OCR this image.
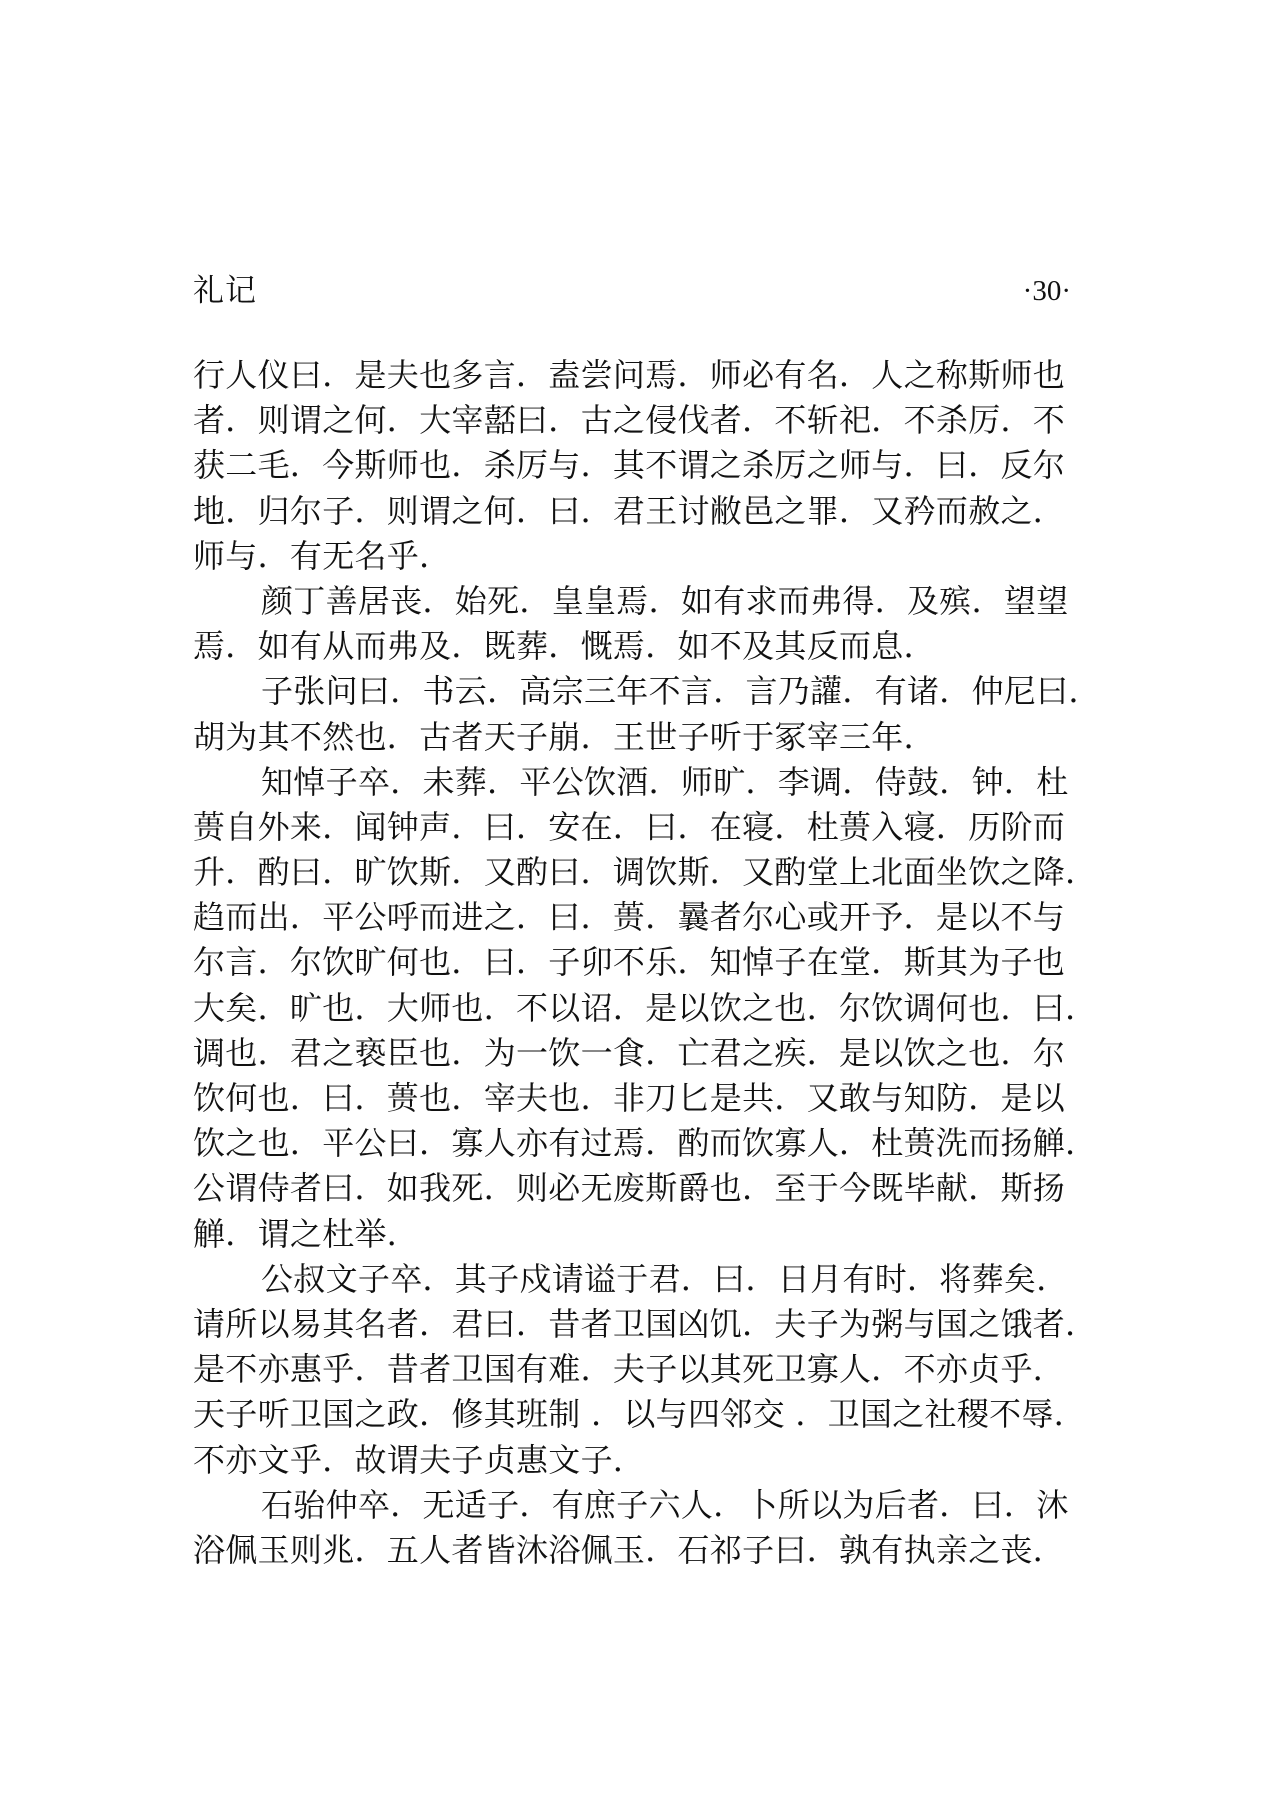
礼记	·30·
行人仪曰．是夫也多言．盍尝问焉．师必有名．人之称斯师也
者．则谓之何．大宰嚭曰．古之侵伐者．不斩祀．不杀厉．不
获二毛．今斯师也．杀厉与．其不谓之杀厉之师与．曰．反尔
地．归尔子．则谓之何．曰．君王讨敝邑之罪．又矜而赦之．
师与．有无名乎．
颜丁善居丧．始死．皇皇焉．如有求而弗得．及殡．望望
焉．如有从而弗及．既葬．慨焉．如不及其反而息．
子张问曰．书云．高宗三年不言．言乃讙．有诸．仲尼曰．
胡为其不然也．古者天子崩．王世子听于冢宰三年．
知悼子卒．未葬．平公饮酒．师旷．李调．侍鼓．钟．杜
蒉自外来．闻钟声．曰．安在．曰．在寝．杜蒉入寝．历阶而
升．酌曰．旷饮斯．又酌曰．调饮斯．又酌堂上北面坐饮之降．
趋而出．平公呼而进之．曰．蒉．曩者尔心或开予．是以不与
尔言．尔饮旷何也．曰．子卯不乐．知悼子在堂．斯其为子也
大矣．旷也．大师也．不以诏．是以饮之也．尔饮调何也．曰．
调也．君之亵臣也．为一饮一食．亡君之疾．是以饮之也．尔
饮何也．曰．蒉也．宰夫也．非刀匕是共．又敢与知防．是以
饮之也．平公曰．寡人亦有过焉．酌而饮寡人．杜蒉洗而扬觯．
公谓侍者曰．如我死．则必无废斯爵也．至于今既毕献．斯扬
觯．谓之杜举．
公叔文子卒．其子戍请谥于君．曰．日月有时．将葬矣．
请所以易其名者．君曰．昔者卫国凶饥．夫子为粥与国之饿者．
是不亦惠乎．昔者卫国有难．夫子以其死卫寡人．不亦贞乎．
天子听卫国之政．修其班制 ．以与四邻交 ．卫国之社稷不辱．
不亦文乎．故谓夫子贞惠文子．
石骀仲卒．无适子．有庶子六人．卜所以为后者．曰．沐
浴佩玉则兆．五人者皆沐浴佩玉．石祁子曰．孰有执亲之丧．
